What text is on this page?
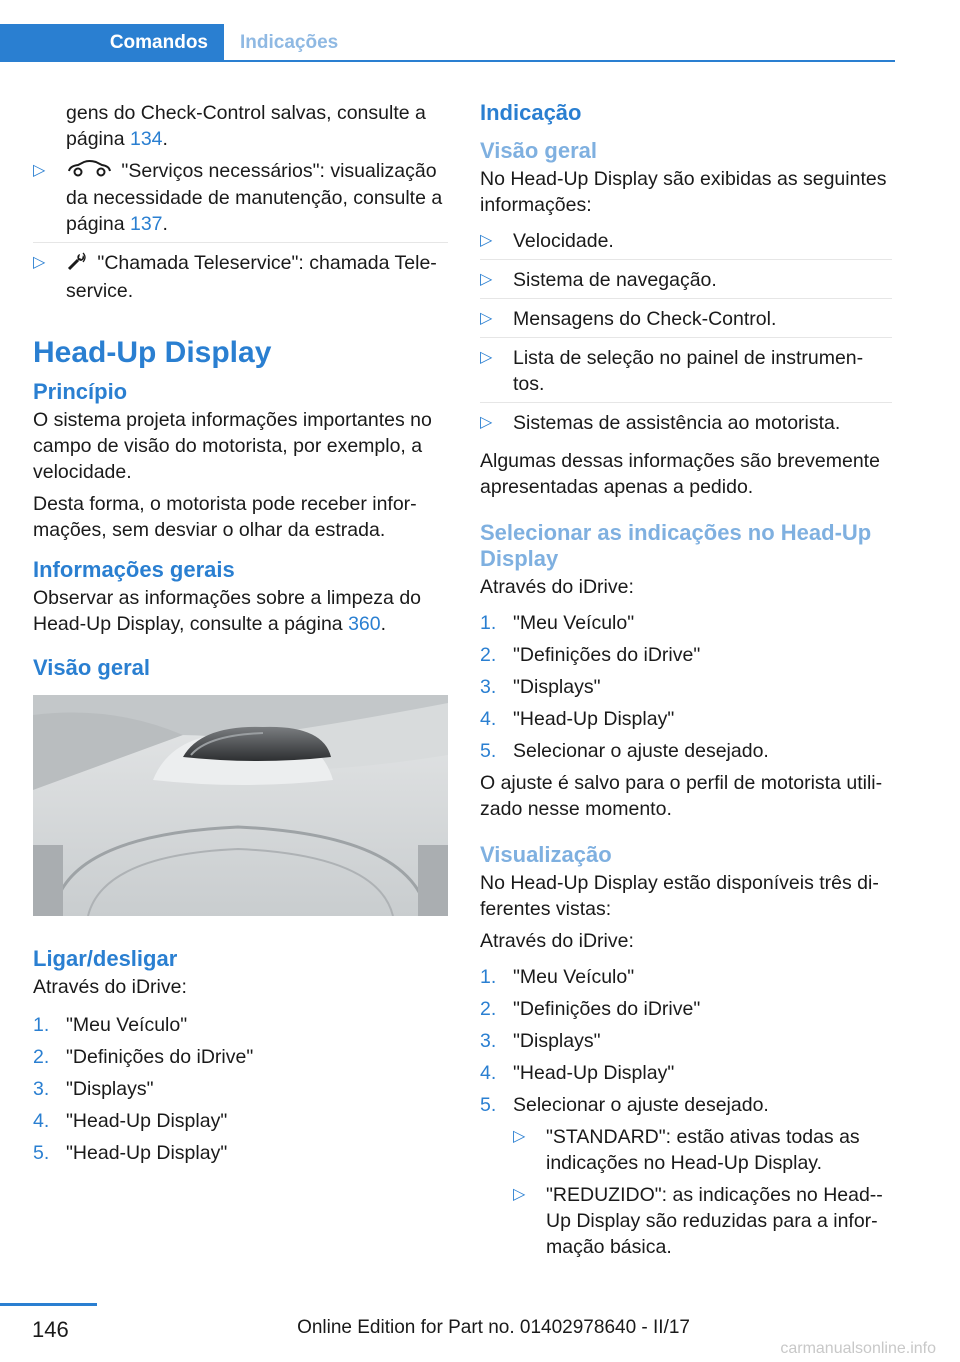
Comandos	Indicações
gens do Check-Control salvas, consulte a página 134.
▷ "Serviços necessários": visualização da necessidade de manutenção, consulte a página 137.
▷ "Chamada Teleservice": chamada Tele‐service.
Head-Up Display
Princípio
O sistema projeta informações importantes no campo de visão do motorista, por exemplo, a velocidade.
Desta forma, o motorista pode receber infor‐mações, sem desviar o olhar da estrada.
Informações gerais
Observar as informações sobre a limpeza do Head-Up Display, consulte a página 360.
Visão geral
Ligar/desligar
Através do iDrive:
1. "Meu Veículo"
2. "Definições do iDrive"
3. "Displays"
4. "Head-Up Display"
5. "Head-Up Display"
Indicação
Visão geral
No Head-Up Display são exibidas as seguintes informações:
▷ Velocidade.
▷ Sistema de navegação.
▷ Mensagens do Check-Control.
▷ Lista de seleção no painel de instrumen‐tos.
▷ Sistemas de assistência ao motorista.
Algumas dessas informações são brevemente apresentadas apenas a pedido.
Selecionar as indicações no Head-Up Display
Através do iDrive:
1. "Meu Veículo"
2. "Definições do iDrive"
3. "Displays"
4. "Head-Up Display"
5. Selecionar o ajuste desejado.
O ajuste é salvo para o perfil de motorista utili‐zado nesse momento.
Visualização
No Head-Up Display estão disponíveis três di‐ferentes vistas:
Através do iDrive:
1. "Meu Veículo"
2. "Definições do iDrive"
3. "Displays"
4. "Head-Up Display"
5. Selecionar o ajuste desejado.
▷ "STANDARD": estão ativas todas as indicações no Head-Up Display.
▷ "REDUZIDO": as indicações no Head‐-Up Display são reduzidas para a infor‐mação básica.
146	Online Edition for Part no. 01402978640 - II/17
carmanualsonline.info
